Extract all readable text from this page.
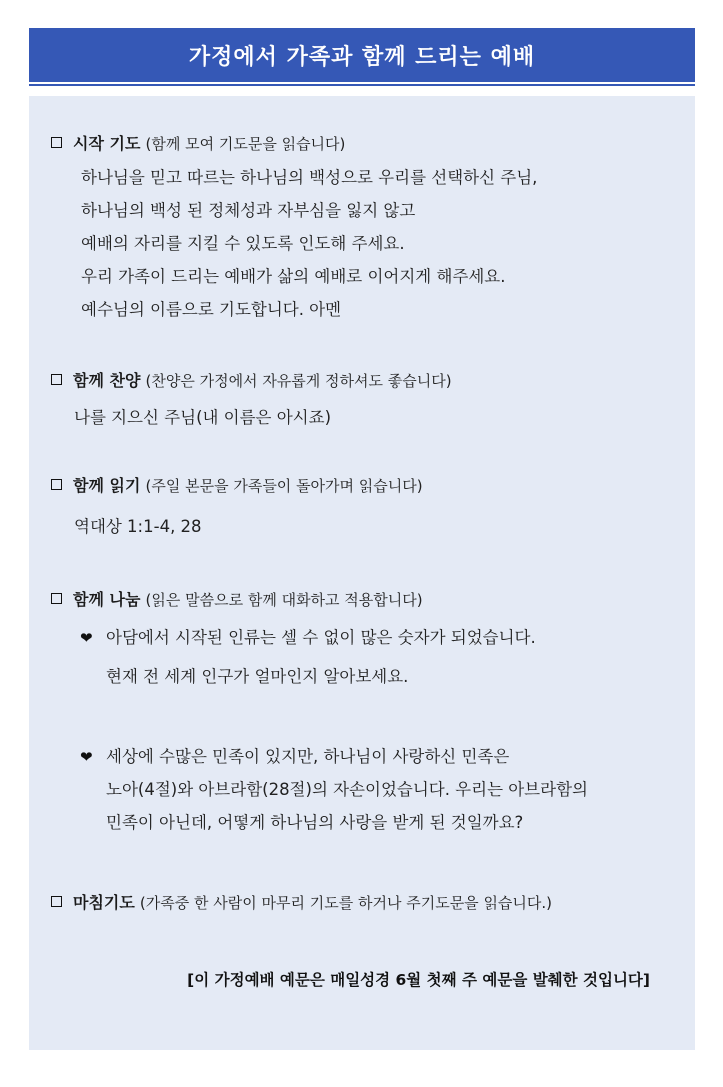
가정에서 가족과 함께 드리는 예배
시작 기도 (함께 모여 기도문을 읽습니다)
하나님을 믿고 따르는 하나님의 백성으로 우리를 선택하신 주님,
하나님의 백성 된 정체성과 자부심을 잃지 않고
예배의 자리를 지킬 수 있도록 인도해 주세요.
우리 가족이 드리는 예배가 삶의 예배로 이어지게 해주세요.
예수님의 이름으로 기도합니다. 아멘
함께 찬양 (찬양은 가정에서 자유롭게 정하셔도 좋습니다)
나를 지으신 주님(내 이름은 아시죠)
함께 읽기 (주일 본문을 가족들이 돌아가며 읽습니다)
역대상 1:1-4, 28
함께 나눔 (읽은 말씀으로 함께 대화하고 적용합니다)
❤ 아담에서 시작된 인류는 셀 수 없이 많은 숫자가 되었습니다.
현재 전 세계 인구가 얼마인지 알아보세요.
❤ 세상에 수많은 민족이 있지만, 하나님이 사랑하신 민족은
노아(4절)와 아브라함(28절)의 자손이었습니다. 우리는 아브라함의
민족이 아닌데, 어떻게 하나님의 사랑을 받게 된 것일까요?
마침기도 (가족중 한 사람이 마무리 기도를 하거나 주기도문을 읽습니다.)
[이 가정예배 예문은 매일성경 6월 첫째 주 예문을 발췌한 것입니다]
